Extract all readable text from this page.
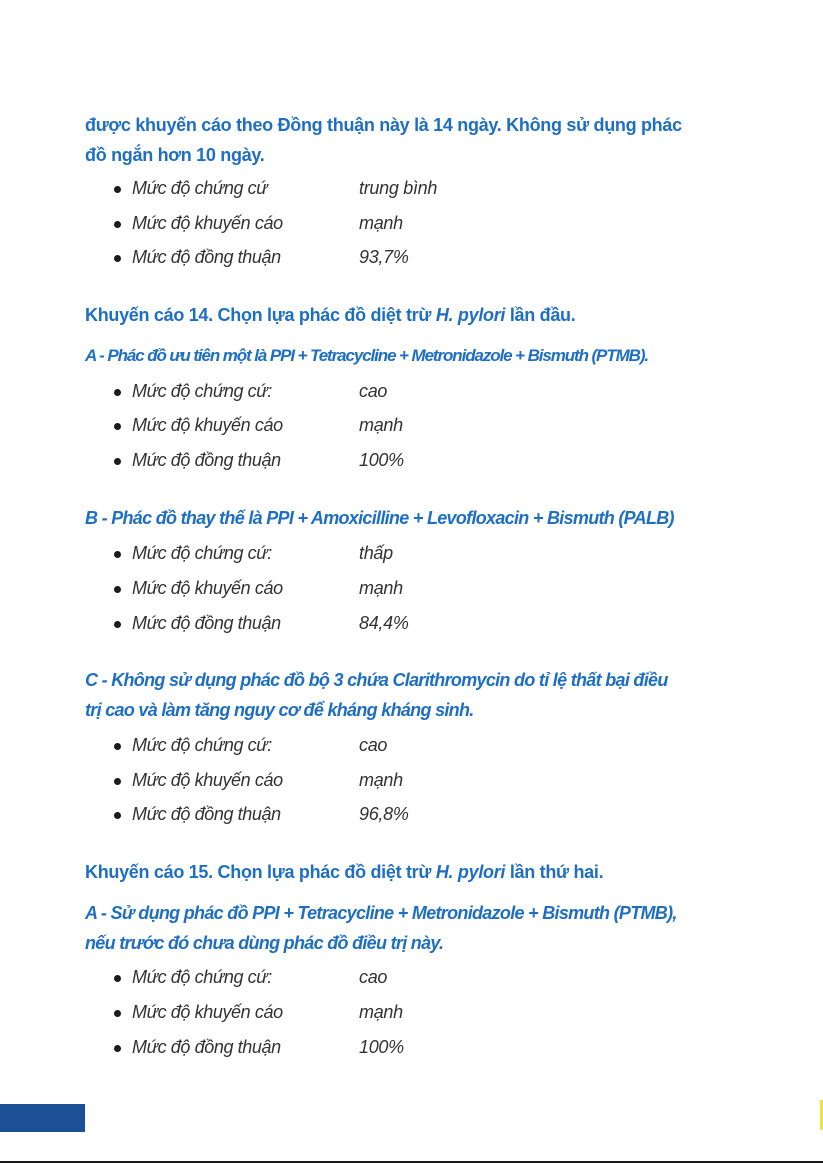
được khuyến cáo theo Đồng thuận này là 14 ngày. Không sử dụng phác
đồ ngắn hơn 10 ngày.
Mức độ chứng cứ	trung bình
Mức độ khuyến cáo	mạnh
Mức độ đồng thuận	93,7%
Khuyến cáo 14. Chọn lựa phác đồ diệt trừ H. pylori lần đầu.
A - Phác đồ ưu tiên một là PPI + Tetracycline + Metronidazole + Bismuth (PTMB).
Mức độ chứng cứ:	cao
Mức độ khuyến cáo	mạnh
Mức độ đồng thuận	100%
B - Phác đồ thay thế là PPI + Amoxicilline + Levofloxacin + Bismuth (PALB)
Mức độ chứng cứ:	thấp
Mức độ khuyến cáo	mạnh
Mức độ đồng thuận	84,4%
C - Không sử dụng phác đồ bộ 3 chứa Clarithromycin do tỉ lệ thất bại điều
trị cao và làm tăng nguy cơ để kháng kháng sinh.
Mức độ chứng cứ:	cao
Mức độ khuyến cáo	mạnh
Mức độ đồng thuận	96,8%
Khuyến cáo 15. Chọn lựa phác đồ diệt trừ H. pylori lần thứ hai.
A - Sử dụng phác đồ PPI + Tetracycline + Metronidazole + Bismuth (PTMB),
nếu trước đó chưa dùng phác đồ điều trị này.
Mức độ chứng cứ:	cao
Mức độ khuyến cáo	mạnh
Mức độ đồng thuận	100%
